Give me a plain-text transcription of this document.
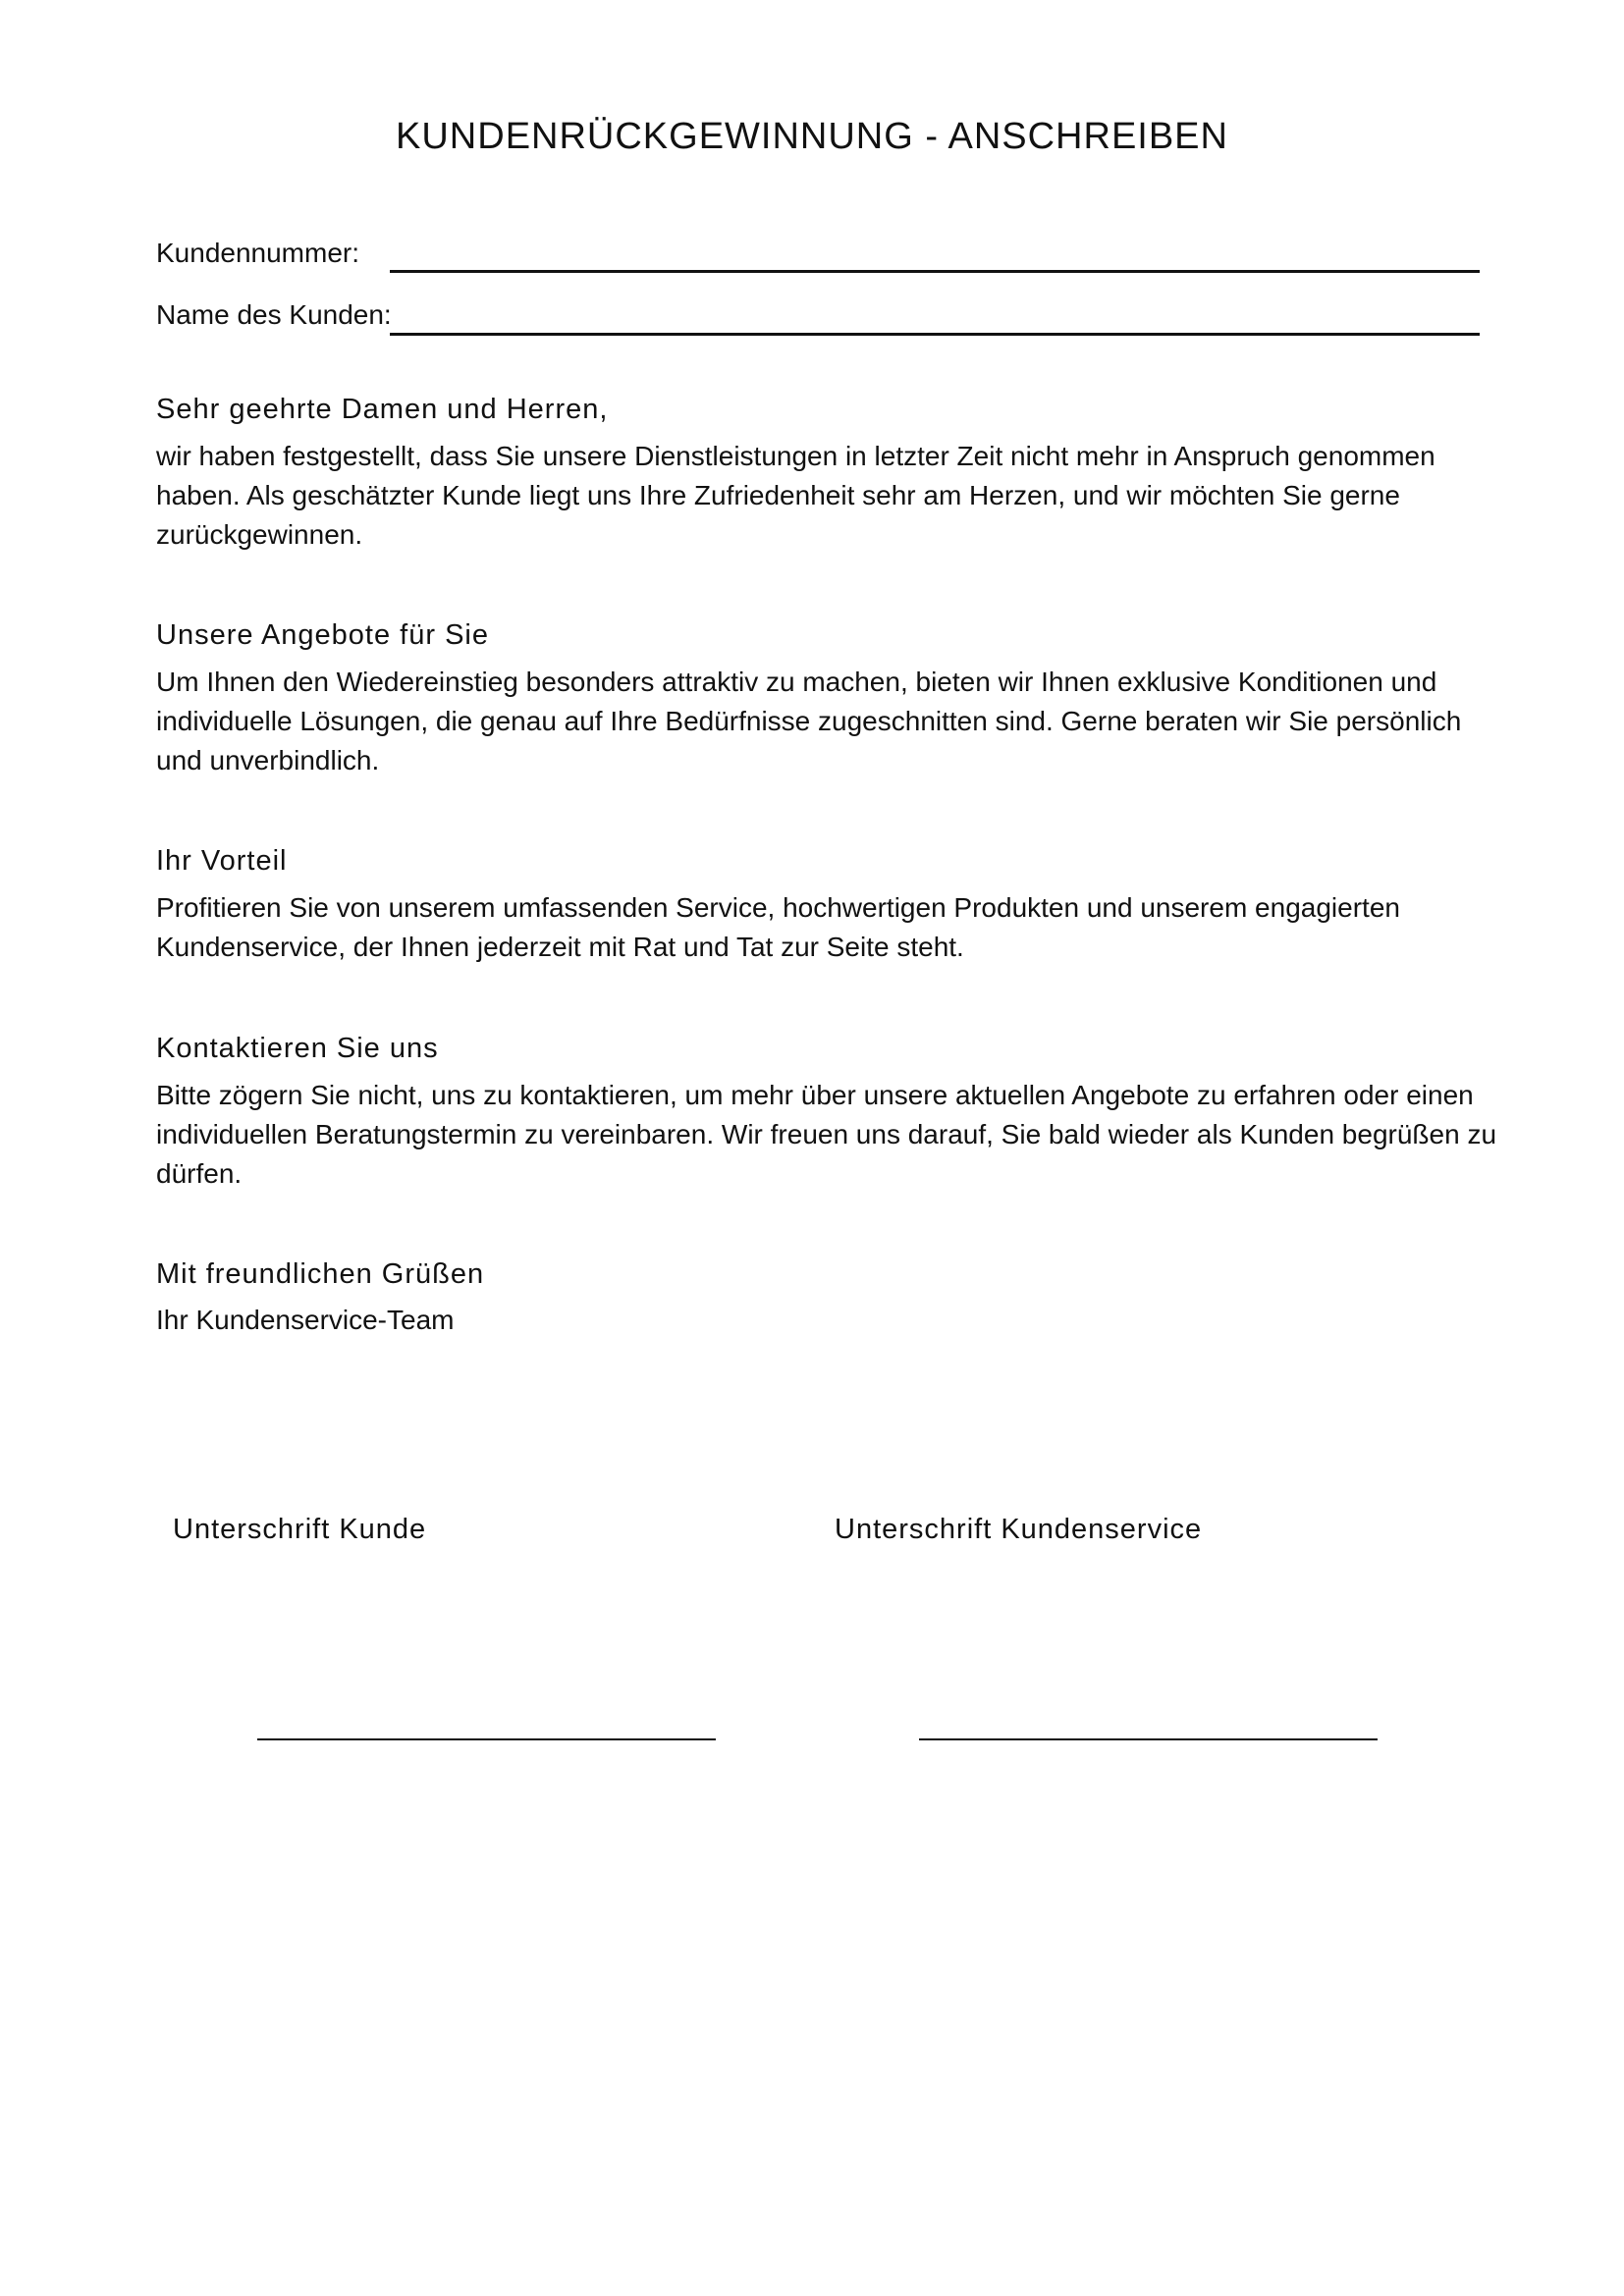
KUNDENRÜCKGEWINNUNG - ANSCHREIBEN
Kundennummer:
Name des Kunden:
Sehr geehrte Damen und Herren,

wir haben festgestellt, dass Sie unsere Dienstleistungen in letzter Zeit nicht mehr in Anspruch genommen haben. Als geschätzter Kunde liegt uns Ihre Zufriedenheit sehr am Herzen, und wir möchten Sie gerne zurückgewinnen.

Unsere Angebote für Sie

Um Ihnen den Wiedereinstieg besonders attraktiv zu machen, bieten wir Ihnen exklusive Konditionen und individuelle Lösungen, die genau auf Ihre Bedürfnisse zugeschnitten sind. Gerne beraten wir Sie persönlich und unverbindlich.

Ihr Vorteil

Profitieren Sie von unserem umfassenden Service, hochwertigen Produkten und unserem engagierten Kundenservice, der Ihnen jederzeit mit Rat und Tat zur Seite steht.

Kontaktieren Sie uns

Bitte zögern Sie nicht, uns zu kontaktieren, um mehr über unsere aktuellen Angebote zu erfahren oder einen individuellen Beratungstermin zu vereinbaren. Wir freuen uns darauf, Sie bald wieder als Kunden begrüßen zu dürfen.

Mit freundlichen Grüßen
Ihr Kundenservice-Team
Unterschrift Kunde	Unterschrift Kundenservice
